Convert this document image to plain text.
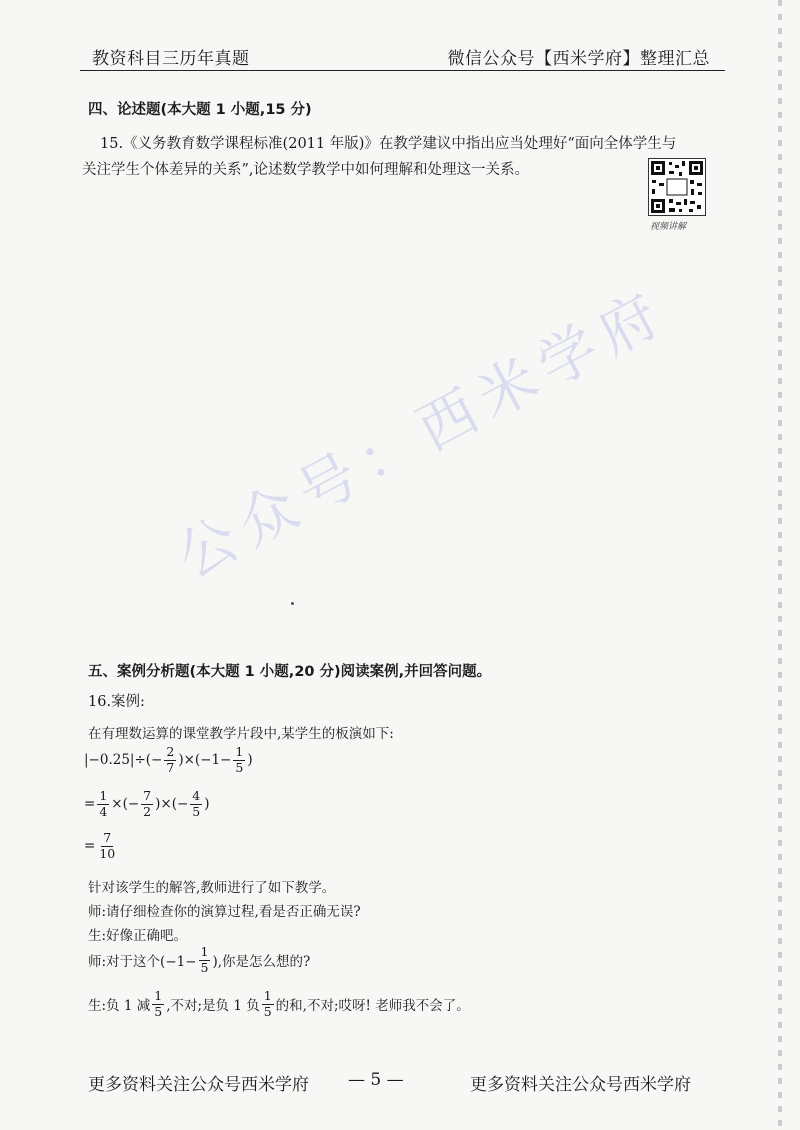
教资科目三历年真题	微信公众号【西米学府】整理汇总
四、论述题(本大题 1 小题,15 分)
15.《义务教育数学课程标准(2011 年版)》在教学建议中指出应当处理好“面向全体学生与
关注学生个体差异的关系”,论述数学教学中如何理解和处理这一关系。
视频讲解
公众号：西米学府
五、案例分析题(本大题 1 小题,20 分)阅读案例,并回答问题。
16.案例:
在有理数运算的课堂教学片段中,某学生的板演如下:
$|-0.25|\div(- \frac{2}{7} )\times(-1- \frac{1}{5}$ )
= $\frac{1}{4}$ ×(− $\frac{7}{2}$ )×(− $\frac{4}{5}$ )
= $\frac{7}{10}$
针对该学生的解答,教师进行了如下教学。
师:请仔细检查你的演算过程,看是否正确无误?
生:好像正确吧。
师:对于这个($-1- \frac{1}{5}$ ),你是怎么想的?
生:负 1 减 $\frac{1}{5}$ ,不对;是负 1 负 $\frac{1}{5}$ 的和,不对;哎呀! 老师我不会了。
更多资料关注公众号西米学府 — 5 —	更多资料关注公众号西米学府
